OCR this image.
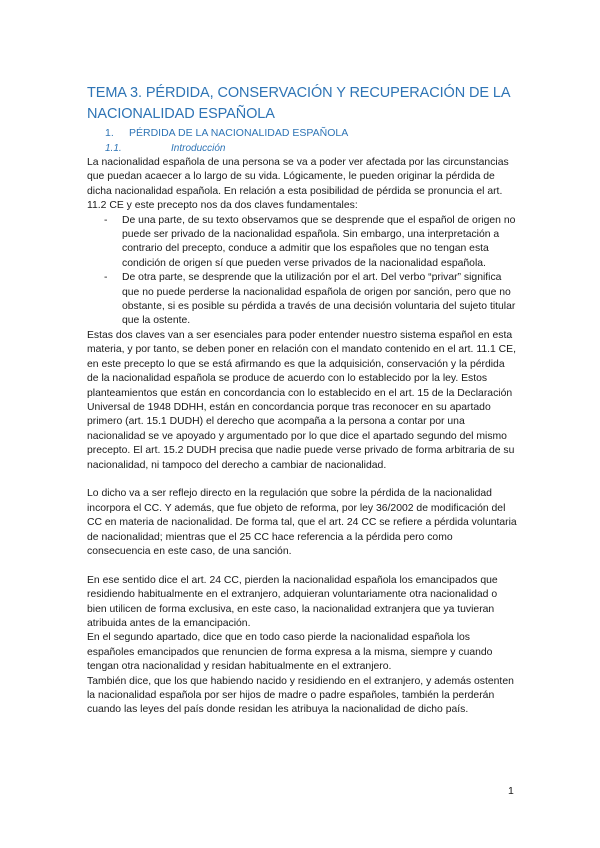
TEMA 3. PÉRDIDA, CONSERVACIÓN Y RECUPERACIÓN DE LA NACIONALIDAD ESPAÑOLA
1. PÉRDIDA DE LA NACIONALIDAD ESPAÑOLA
1.1.	Introducción

La nacionalidad española de una persona se va a poder ver afectada por las circunstancias que puedan acaecer a lo largo de su vida. Lógicamente, le pueden originar la pérdida de dicha nacionalidad española. En relación a esta posibilidad de pérdida se pronuncia el art. 11.2 CE y este precepto nos da dos claves fundamentales:

- De una parte, de su texto observamos que se desprende que el español de origen no puede ser privado de la nacionalidad española. Sin embargo, una interpretación a contrario del precepto, conduce a admitir que los españoles que no tengan esta condición de origen sí que pueden verse privados de la nacionalidad española.
- De otra parte, se desprende que la utilización por el art. Del verbo “privar” significa que no puede perderse la nacionalidad española de origen por sanción, pero que no obstante, si es posible su pérdida a través de una decisión voluntaria del sujeto titular que la ostente.

Estas dos claves van a ser esenciales para poder entender nuestro sistema español en esta materia, y por tanto, se deben poner en relación con el mandato contenido en el art. 11.1 CE, en este precepto lo que se está afirmando es que la adquisición, conservación y la pérdida de la nacionalidad española se produce de acuerdo con lo establecido por la ley. Estos planteamientos que están en concordancia con lo establecido en el art. 15 de la Declaración Universal de 1948 DDHH, están en concordancia porque tras reconocer en su apartado primero (art. 15.1 DUDH) el derecho que acompaña a la persona a contar por una nacionalidad se ve apoyado y argumentado por lo que dice el apartado segundo del mismo precepto. El art. 15.2 DUDH precisa que nadie puede verse privado de forma arbitraria de su nacionalidad, ni tampoco del derecho a cambiar de nacionalidad.

Lo dicho va a ser reflejo directo en la regulación que sobre la pérdida de la nacionalidad incorpora el CC. Y además, que fue objeto de reforma, por ley 36/2002 de modificación del CC en materia de nacionalidad. De forma tal, que el art. 24 CC se refiere a pérdida voluntaria de nacionalidad; mientras que el 25 CC hace referencia a la pérdida pero como consecuencia en este caso, de una sanción.

En ese sentido dice el art. 24 CC, pierden la nacionalidad española los emancipados que residiendo habitualmente en el extranjero, adquieran voluntariamente otra nacionalidad o bien utilicen de forma exclusiva, en este caso, la nacionalidad extranjera que ya tuvieran atribuida antes de la emancipación.

En el segundo apartado, dice que en todo caso pierde la nacionalidad española los españoles emancipados que renuncien de forma expresa a la misma, siempre y cuando tengan otra nacionalidad y residan habitualmente en el extranjero.

También dice, que los que habiendo nacido y residiendo en el extranjero, y además ostenten la nacionalidad española por ser hijos de madre o padre españoles, también la perderán cuando las leyes del país donde residan les atribuya la nacionalidad de dicho país.

1
